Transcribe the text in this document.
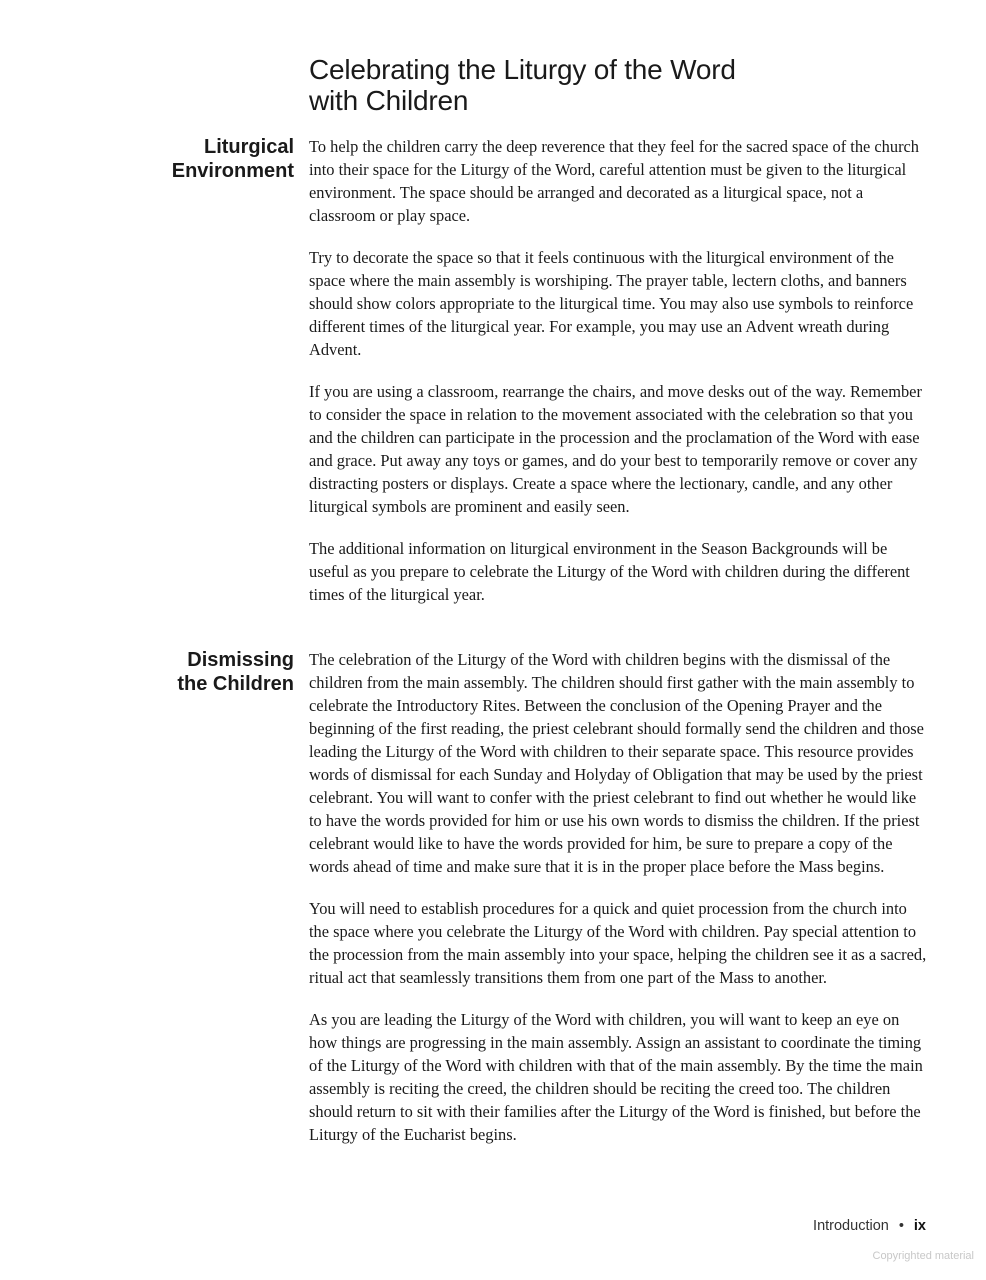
Celebrating the Liturgy of the Word
with Children
Liturgical
Environment

To help the children carry the deep reverence that they feel for the sacred space of the church into their space for the Liturgy of the Word, careful attention must be given to the liturgical environment. The space should be arranged and decorated as a liturgical space, not a classroom or play space.

Try to decorate the space so that it feels continuous with the liturgical environment of the space where the main assembly is worshiping. The prayer table, lectern cloths, and banners should show colors appropriate to the liturgical time. You may also use symbols to reinforce different times of the liturgical year. For example, you may use an Advent wreath during Advent.

If you are using a classroom, rearrange the chairs, and move desks out of the way. Remember to consider the space in relation to the movement associated with the celebration so that you and the children can participate in the procession and the proclamation of the Word with ease and grace. Put away any toys or games, and do your best to temporarily remove or cover any distracting posters or displays. Create a space where the lectionary, candle, and any other liturgical symbols are prominent and easily seen.

The additional information on liturgical environment in the Season Backgrounds will be useful as you prepare to celebrate the Liturgy of the Word with children during the different times of the liturgical year.

Dismissing
the Children

The celebration of the Liturgy of the Word with children begins with the dismissal of the children from the main assembly. The children should first gather with the main assembly to celebrate the Introductory Rites. Between the conclusion of the Opening Prayer and the beginning of the first reading, the priest celebrant should formally send the children and those leading the Liturgy of the Word with children to their separate space. This resource provides words of dismissal for each Sunday and Holyday of Obligation that may be used by the priest celebrant. You will want to confer with the priest celebrant to find out whether he would like to have the words provided for him or use his own words to dismiss the children. If the priest celebrant would like to have the words provided for him, be sure to prepare a copy of the words ahead of time and make sure that it is in the proper place before the Mass begins.

You will need to establish procedures for a quick and quiet procession from the church into the space where you celebrate the Liturgy of the Word with children. Pay special attention to the procession from the main assembly into your space, helping the children see it as a sacred, ritual act that seamlessly transitions them from one part of the Mass to another.

As you are leading the Liturgy of the Word with children, you will want to keep an eye on how things are progressing in the main assembly. Assign an assistant to coordinate the timing of the Liturgy of the Word with children with that of the main assembly. By the time the main assembly is reciting the creed, the children should be reciting the creed too. The children should return to sit with their families after the Liturgy of the Word is finished, but before the Liturgy of the Eucharist begins.

Introduction • ix
Copyrighted material
